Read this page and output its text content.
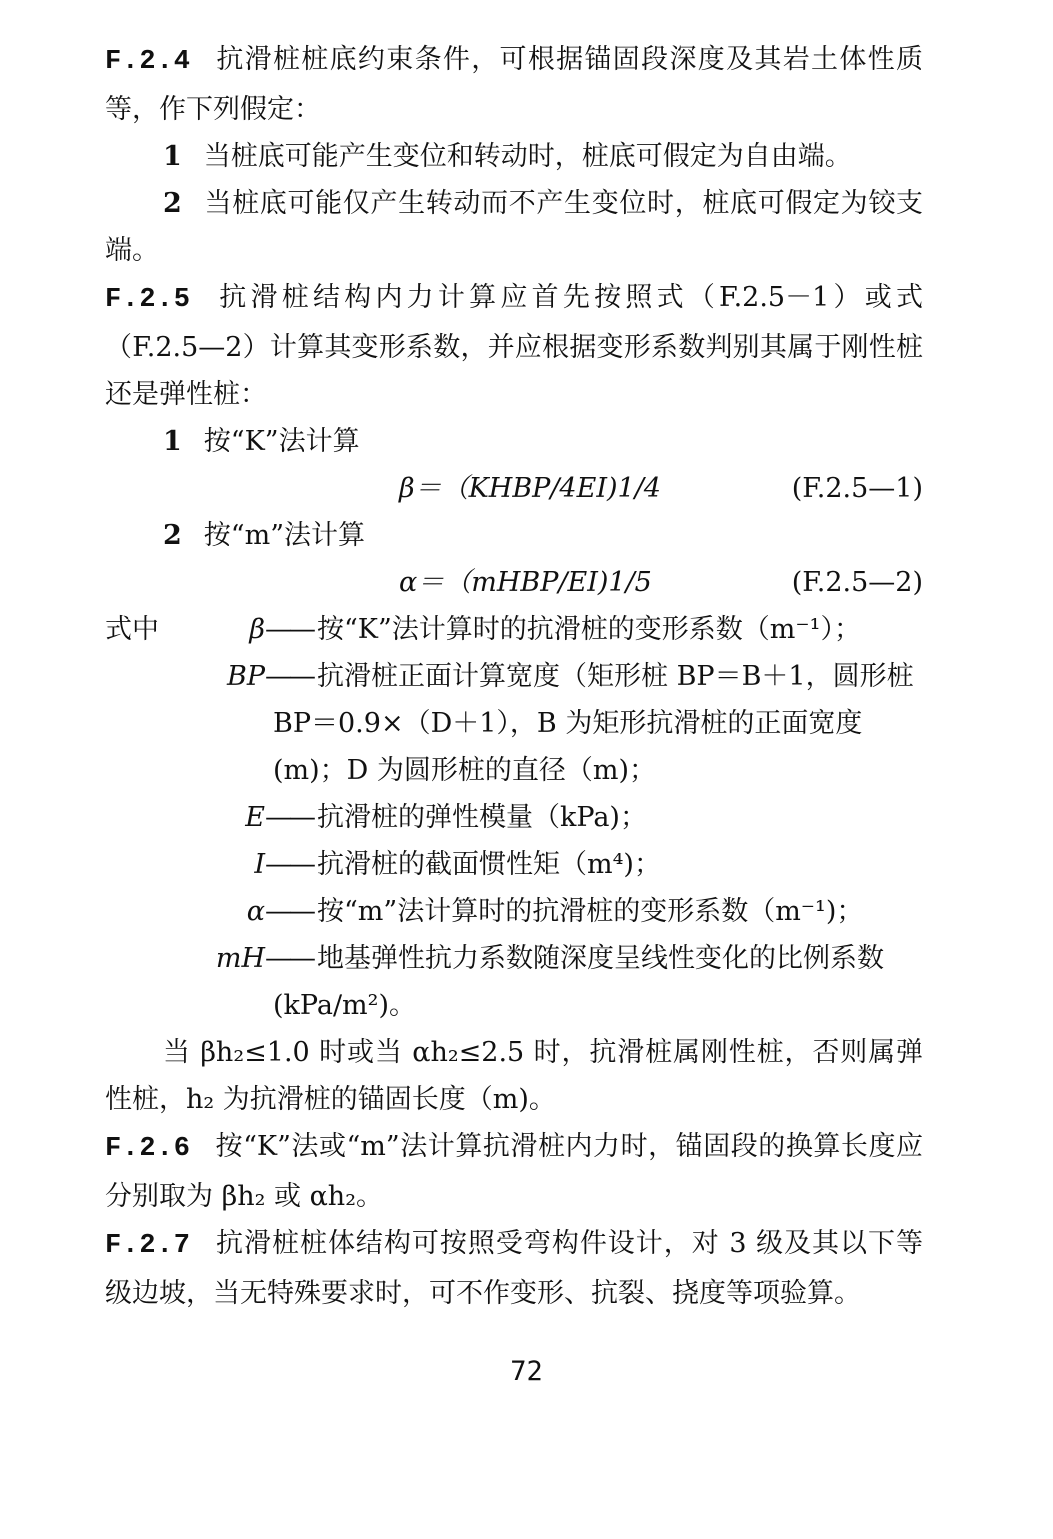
F.2.4 抗滑桩桩底约束条件，可根据锚固段深度及其岩土体性质等，作下列假定：

1 当桩底可能产生变位和转动时，桩底可假定为自由端。

2 当桩底可能仅产生转动而不产生变位时，桩底可假定为铰支端。

F.2.5 抗滑桩结构内力计算应首先按照式（F.2.5－1）或式（F.2.5—2）计算其变形系数，并应根据变形系数判别其属于刚性桩还是弹性桩：

1 按“K”法计算

β＝（KHBP∕4EI)1/4	(F.2.5—1)

2 按“m”法计算

α＝（mHBP∕EI)1/5	(F.2.5—2)
式中	β —— 按“K”法计算时的抗滑桩的变形系数（m⁻¹）；
BP —— 抗滑桩正面计算宽度（矩形桩 BP＝B＋1，圆形桩
BP＝0.9×（D＋1），B 为矩形抗滑桩的正面宽度
(m)；D 为圆形桩的直径（m)；
E —— 抗滑桩的弹性模量（kPa)；
I —— 抗滑桩的截面惯性矩（m⁴)；
α —— 按“m”法计算时的抗滑桩的变形系数（m⁻¹)；
mH —— 地基弹性抗力系数随深度呈线性变化的比例系数
(kPa∕m²)。

当 βh₂≤1.0 时或当 αh₂≤2.5 时，抗滑桩属刚性桩，否则属弹性桩，h₂ 为抗滑桩的锚固长度（m)。

F.2.6 按“K”法或“m”法计算抗滑桩内力时，锚固段的换算长度应分别取为 βh₂ 或 αh₂。

F.2.7 抗滑桩桩体结构可按照受弯构件设计，对 3 级及其以下等级边坡，当无特殊要求时，可不作变形、抗裂、挠度等项验算。

72
